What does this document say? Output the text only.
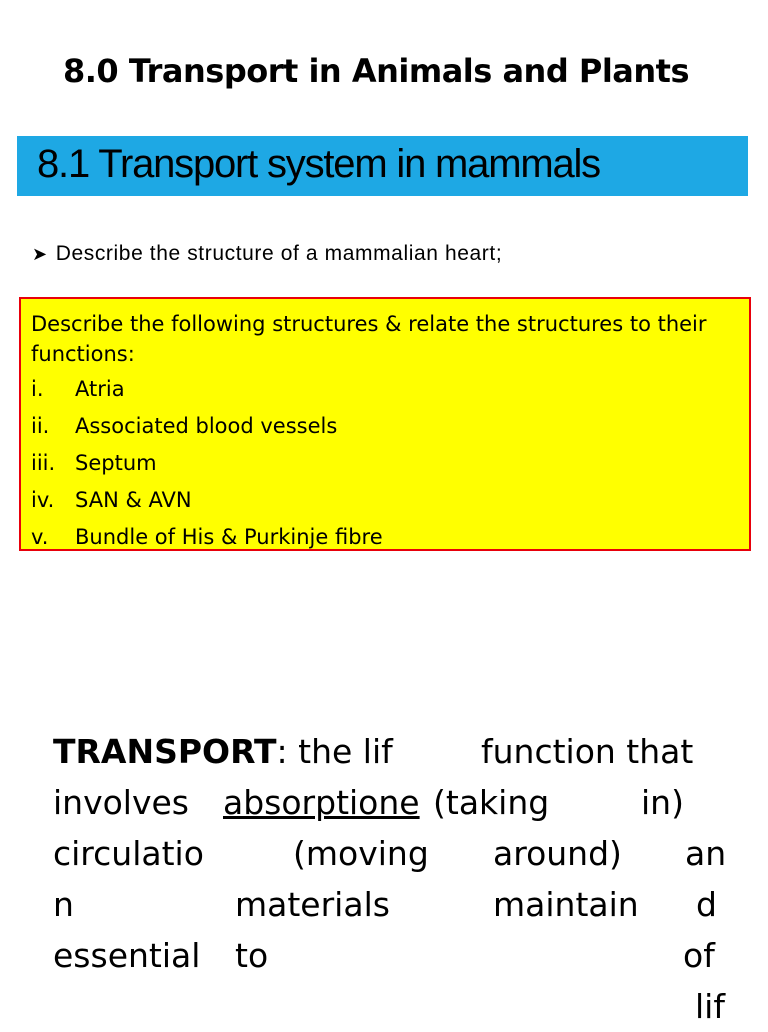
8.0 Transport in Animals and Plants
8.1 Transport system in mammals
➤ Describe the structure of a mammalian heart;
Describe the following structures & relate the structures to their functions:
i. Atria
ii. Associated blood vessels
iii. Septum
iv. SAN & AVN
v. Bundle of His & Purkinje fibre
TRANSPORT: the lif	function that
involves absorptione (taking	in)
circulatio	(moving around) an
n	materials	maintain d
essential to	of
lif
